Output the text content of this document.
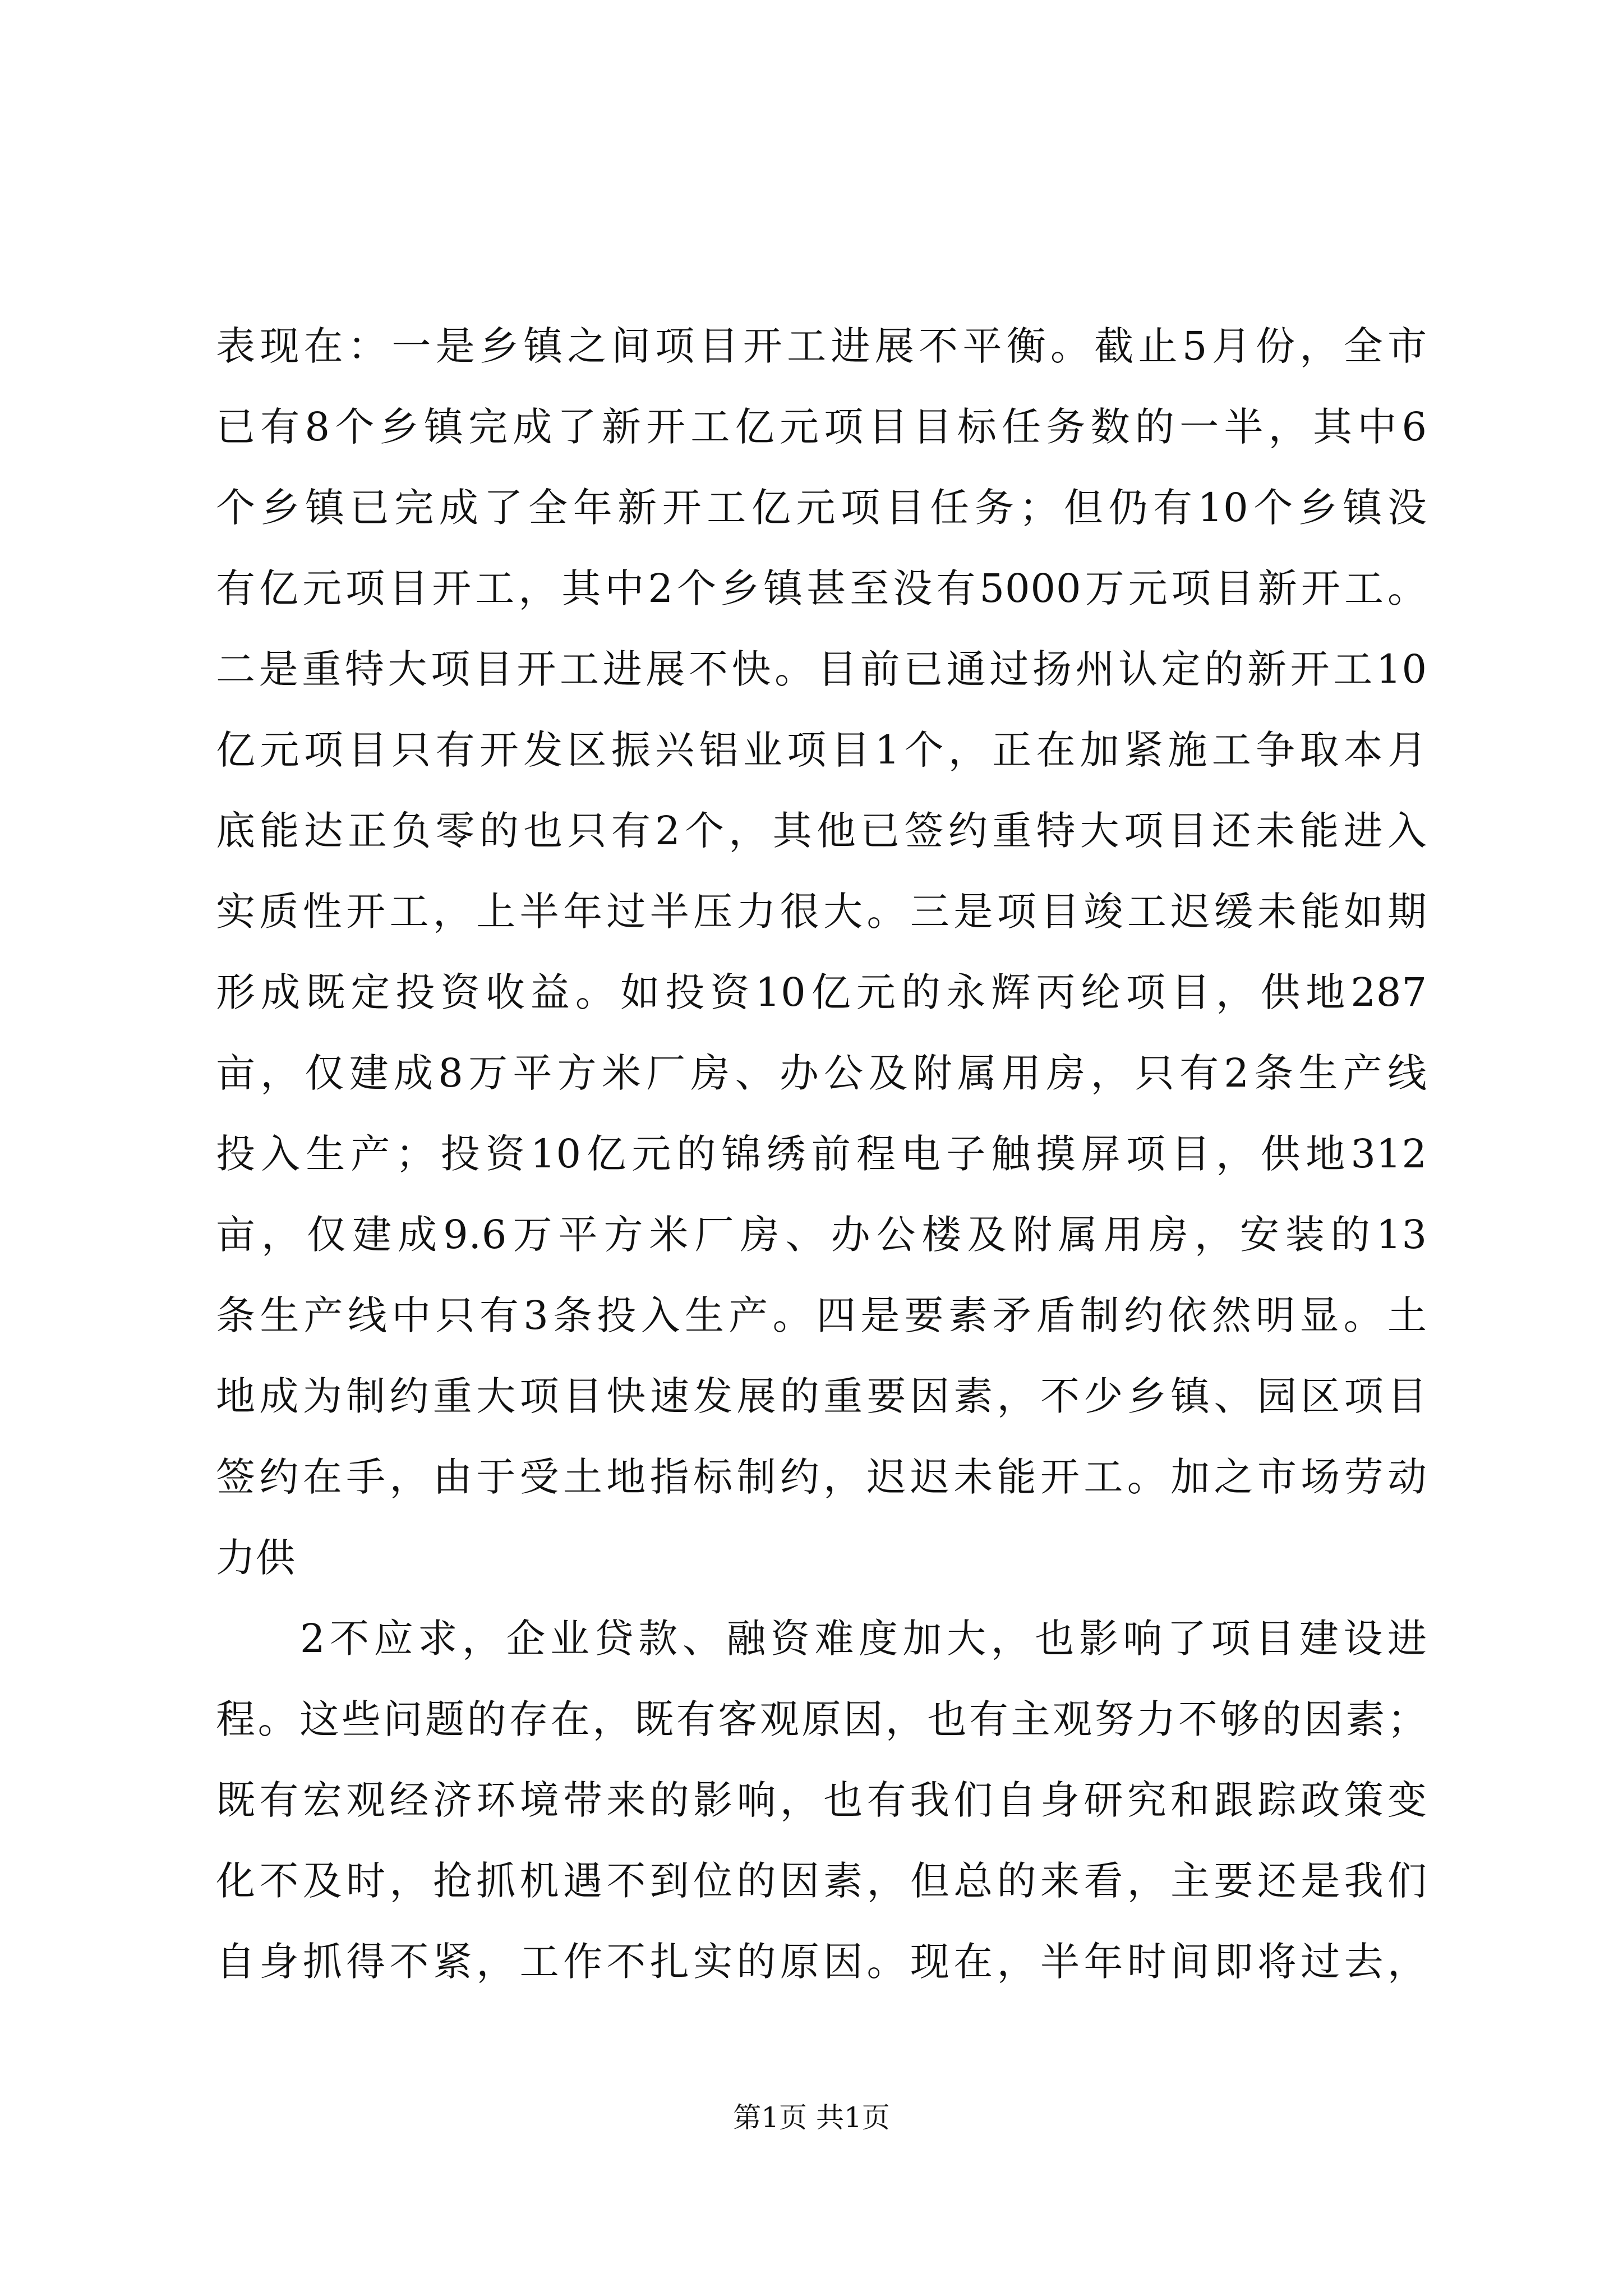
表现在：一是乡镇之间项目开工进展不平衡。截止5月份，全市
已有8个乡镇完成了新开工亿元项目目标任务数的一半，其中6
个乡镇已完成了全年新开工亿元项目任务；但仍有10个乡镇没
有亿元项目开工，其中2个乡镇甚至没有5000万元项目新开工。
二是重特大项目开工进展不快。目前已通过扬州认定的新开工10
亿元项目只有开发区振兴铝业项目1个，正在加紧施工争取本月
底能达正负零的也只有2个，其他已签约重特大项目还未能进入
实质性开工，上半年过半压力很大。三是项目竣工迟缓未能如期
形成既定投资收益。如投资10亿元的永辉丙纶项目，供地287
亩，仅建成8万平方米厂房、办公及附属用房，只有2条生产线
投入生产；投资10亿元的锦绣前程电子触摸屏项目，供地312
亩，仅建成9.6万平方米厂房、办公楼及附属用房，安装的13
条生产线中只有3条投入生产。四是要素矛盾制约依然明显。土
地成为制约重大项目快速发展的重要因素，不少乡镇、园区项目
签约在手，由于受土地指标制约，迟迟未能开工。加之市场劳动
力供
2不应求，企业贷款、融资难度加大，也影响了项目建设进
程。这些问题的存在，既有客观原因，也有主观努力不够的因素；
既有宏观经济环境带来的影响，也有我们自身研究和跟踪政策变
化不及时，抢抓机遇不到位的因素，但总的来看，主要还是我们
自身抓得不紧，工作不扎实的原因。现在，半年时间即将过去，
第1页 共1页
